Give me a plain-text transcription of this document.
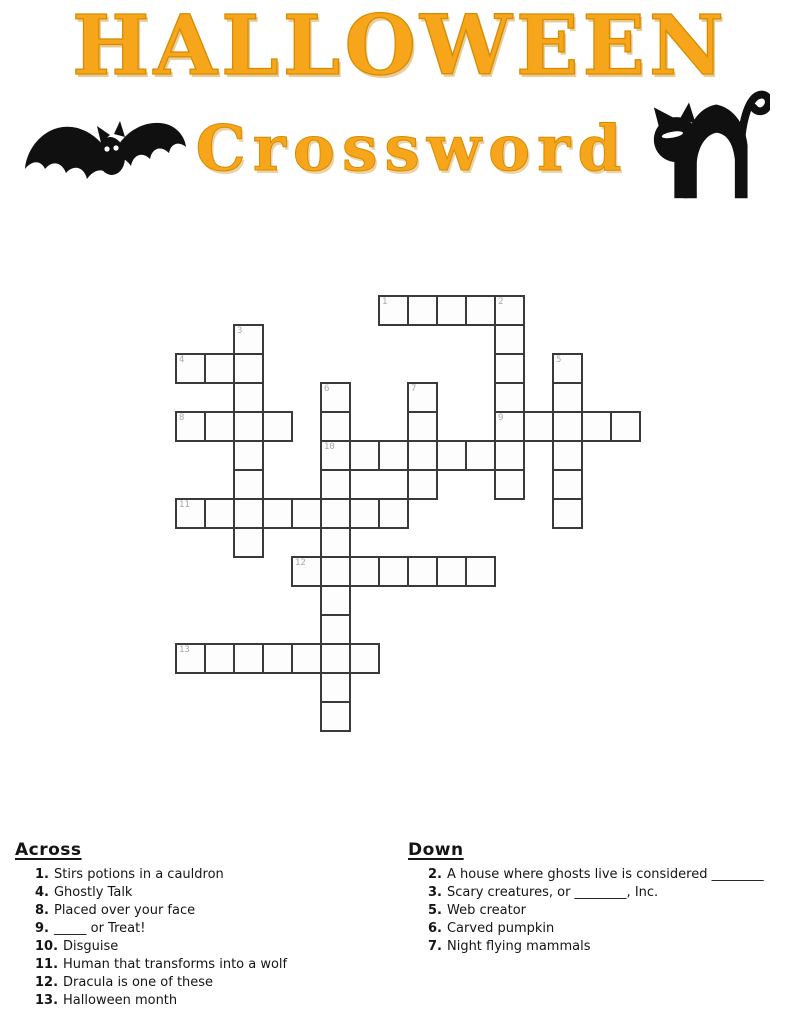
HALLOWEEN
Crossword
1	2
9
3
4	5
6
10
7
8
11
12
13
Across
1. Stirs potions in a cauldron
4. Ghostly Talk
8. Placed over your face
9. _____ or Treat!
10. Disguise
11. Human that transforms into a wolf
12. Dracula is one of these
13. Halloween month
Down
2. A house where ghosts live is considered ________
3. Scary creatures, or ________, Inc.
5. Web creator
6. Carved pumpkin
7. Night flying mammals
